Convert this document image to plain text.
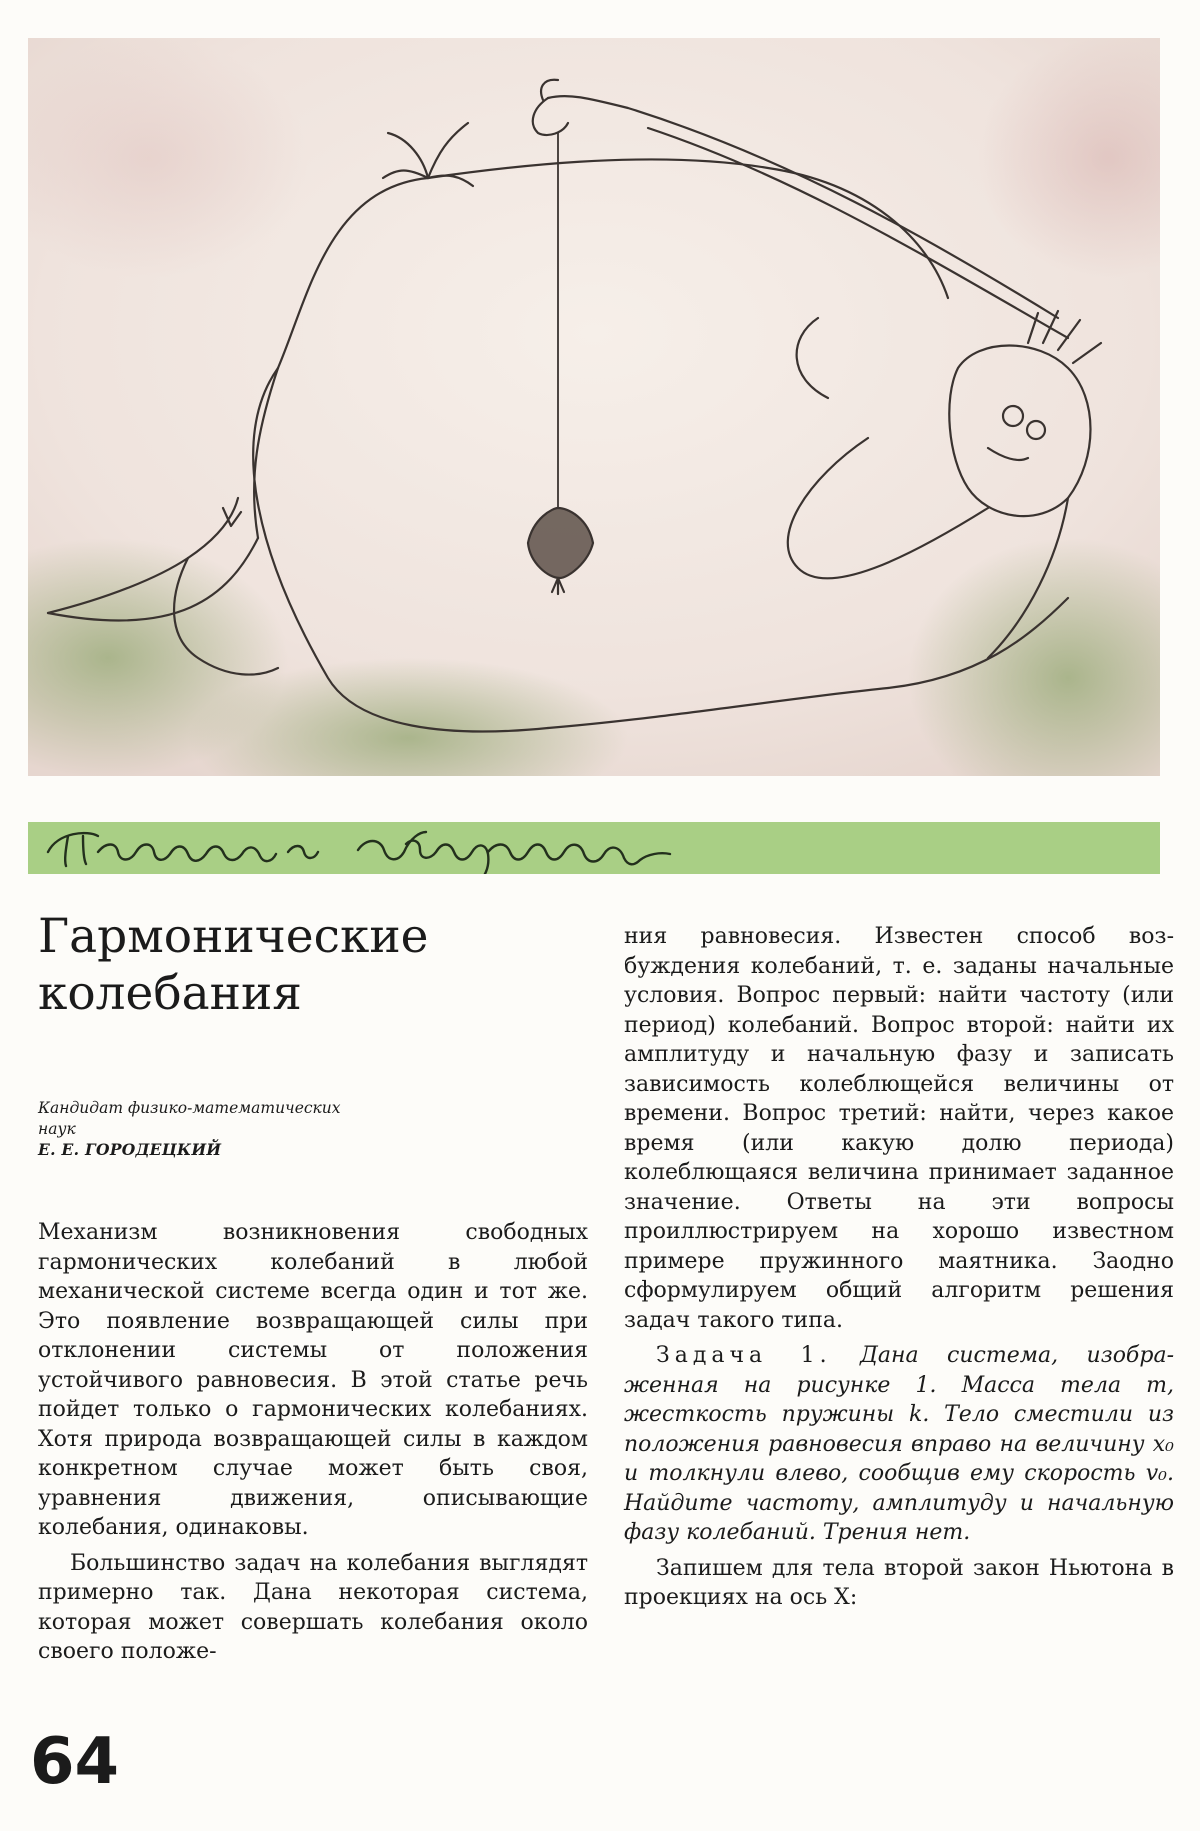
Гармонические
колебания
Кандидат физико-математических
наук
Е. Е. ГОРОДЕЦКИЙ

Механизм возникновения свободных гармонических колебаний в любой механической системе всегда один и тот же. Это появление возвращающей силы при отклонении системы от положения устойчивого равновесия. В этой статье речь пойдет только о гармонических колебаниях. Хотя природа возвращающей силы в каждом конкретном случае может быть своя, уравнения движения, описывающие колебания, одинаковы.

Большинство задач на колебания выглядят примерно так. Дана некоторая система, которая может совершать колебания около своего положе-

ния равновесия. Известен способ возбуждения колебаний, т. е. заданы начальные условия. Вопрос первый: найти частоту (или период) колебаний. Вопрос второй: найти их амплитуду и начальную фазу и записать зависимость колеблющейся величины от времени. Вопрос третий: найти, через какое время (или какую долю периода) колеблющаяся величина принимает заданное значение. Ответы на эти вопросы проиллюстрируем на хорошо известном примере пружинного маятника. Заодно сформулируем общий алгоритм решения задач такого типа.

Задача 1. Дана система, изображенная на рисунке 1. Масса тела m, жесткость пружины k. Тело сместили из положения равновесия вправо на величину x₀ и толкнули влево, сообщив ему скорость v₀. Найдите частоту, амплитуду и начальную фазу колебаний. Трения нет.

Запишем для тела второй закон Ньютона в проекциях на ось X:

64
